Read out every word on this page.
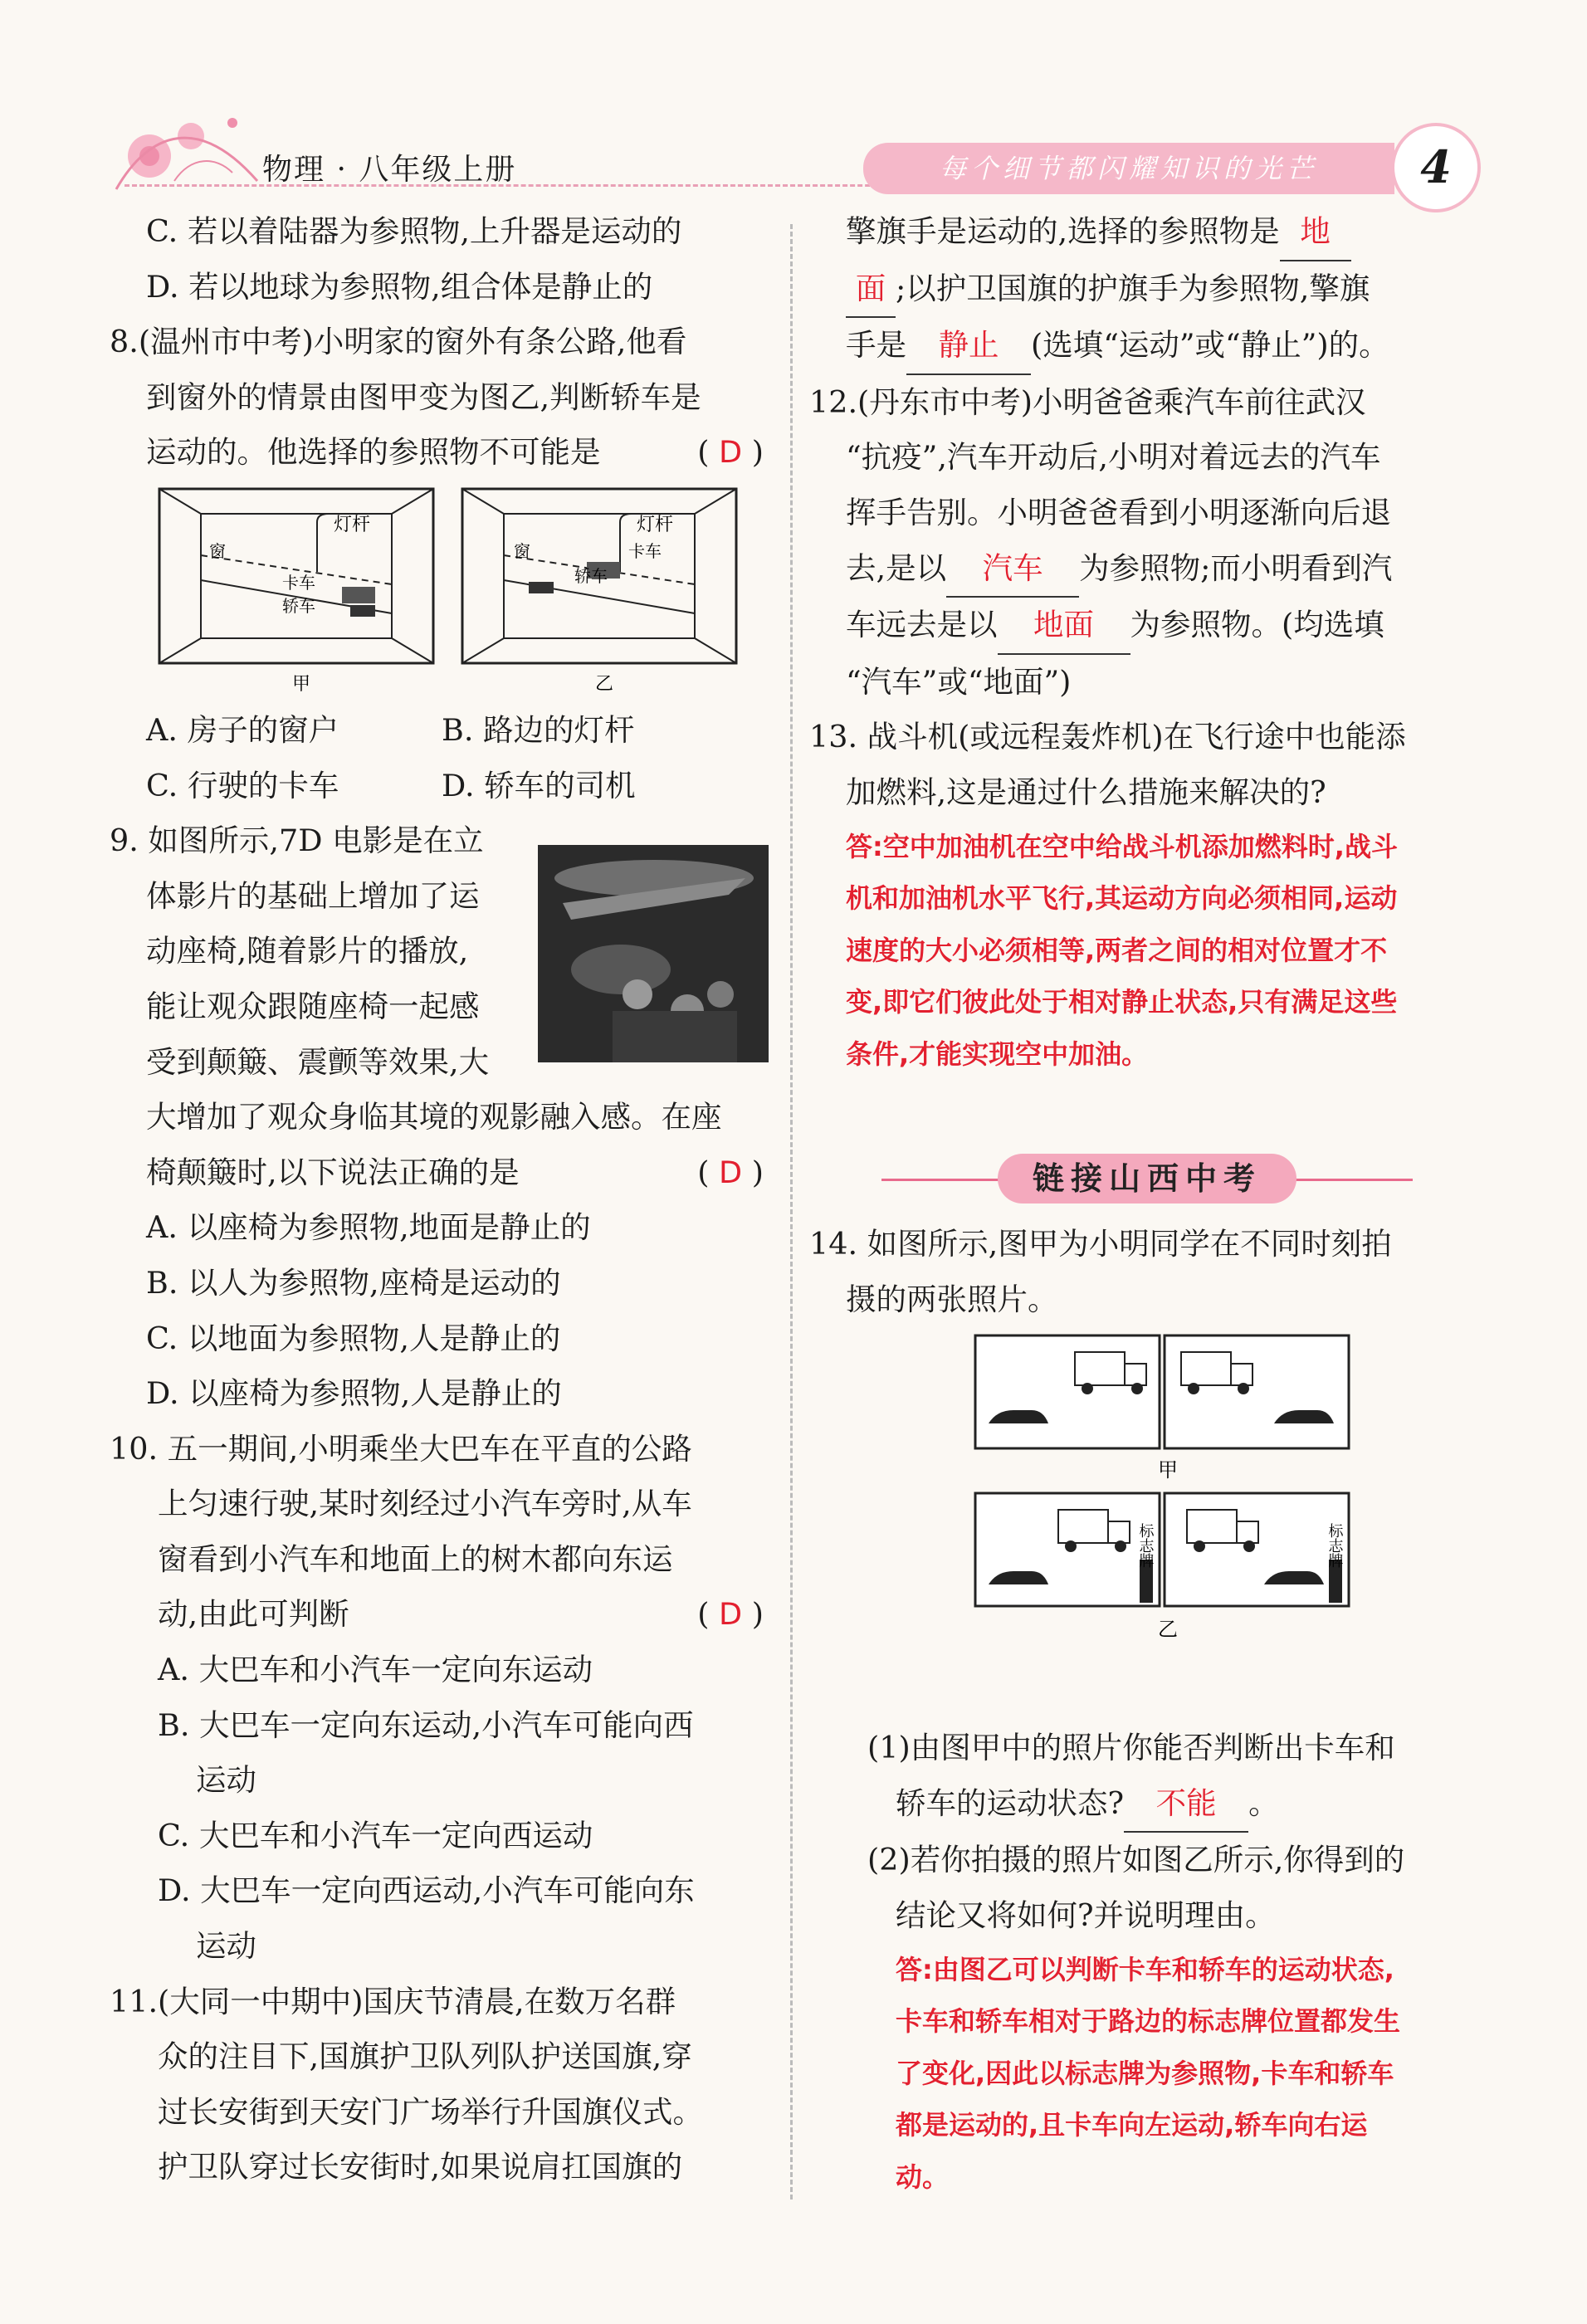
物理 · 八年级上册	每个细节都闪耀知识的光芒	4

C. 若以着陆器为参照物,上升器是运动的

D. 若以地球为参照物,组合体是静止的

8.(温州市中考)小明家的窗外有条公路,他看

到窗外的情景由图甲变为图乙,判断轿车是

运动的。他选择的参照物不可能是	( D )

窗
灯杆
卡车
轿车
甲
窗
灯杆
卡车
轿车
乙

A. 房子的窗户	B. 路边的灯杆

C. 行驶的卡车	D. 轿车的司机

9. 如图所示,7D 电影是在立

体影片的基础上增加了运

动座椅,随着影片的播放,

能让观众跟随座椅一起感

受到颠簸、震颤等效果,大

大增加了观众身临其境的观影融入感。在座

椅颠簸时,以下说法正确的是	( D )

A. 以座椅为参照物,地面是静止的

B. 以人为参照物,座椅是运动的

C. 以地面为参照物,人是静止的

D. 以座椅为参照物,人是静止的

10. 五一期间,小明乘坐大巴车在平直的公路

上匀速行驶,某时刻经过小汽车旁时,从车

窗看到小汽车和地面上的树木都向东运

动,由此可判断	( D )

A. 大巴车和小汽车一定向东运动

B. 大巴车一定向东运动,小汽车可能向西

运动

C. 大巴车和小汽车一定向西运动

D. 大巴车一定向西运动,小汽车可能向东

运动

11.(大同一中期中)国庆节清晨,在数万名群

众的注目下,国旗护卫队列队护送国旗,穿

过长安街到天安门广场举行升国旗仪式。

护卫队穿过长安街时,如果说肩扛国旗的

擎旗手是运动的,选择的参照物是 地

面 ;以护卫国旗的护旗手为参照物,擎旗

手是 静止 (选填“运动”或“静止”)的。

12.(丹东市中考)小明爸爸乘汽车前往武汉

“抗疫”,汽车开动后,小明对着远去的汽车

挥手告别。小明爸爸看到小明逐渐向后退

去,是以 汽车 为参照物;而小明看到汽

车远去是以 地面 为参照物。(均选填

“汽车”或“地面”)

13. 战斗机(或远程轰炸机)在飞行途中也能添

加燃料,这是通过什么措施来解决的?

答:空中加油机在空中给战斗机添加燃料时,战斗
机和加油机水平飞行,其运动方向必须相同,运动
速度的大小必须相等,两者之间的相对位置才不
变,即它们彼此处于相对静止状态,只有满足这些
条件,才能实现空中加油。
链接山西中考

14. 如图所示,图甲为小明同学在不同时刻拍

摄的两张照片。

甲
标志牌	标志牌
乙

(1)由图甲中的照片你能否判断出卡车和

轿车的运动状态? 不能 。

(2)若你拍摄的照片如图乙所示,你得到的

结论又将如何?并说明理由。

答:由图乙可以判断卡车和轿车的运动状态,
卡车和轿车相对于路边的标志牌位置都发生
了变化,因此以标志牌为参照物,卡车和轿车
都是运动的,且卡车向左运动,轿车向右运
动。
